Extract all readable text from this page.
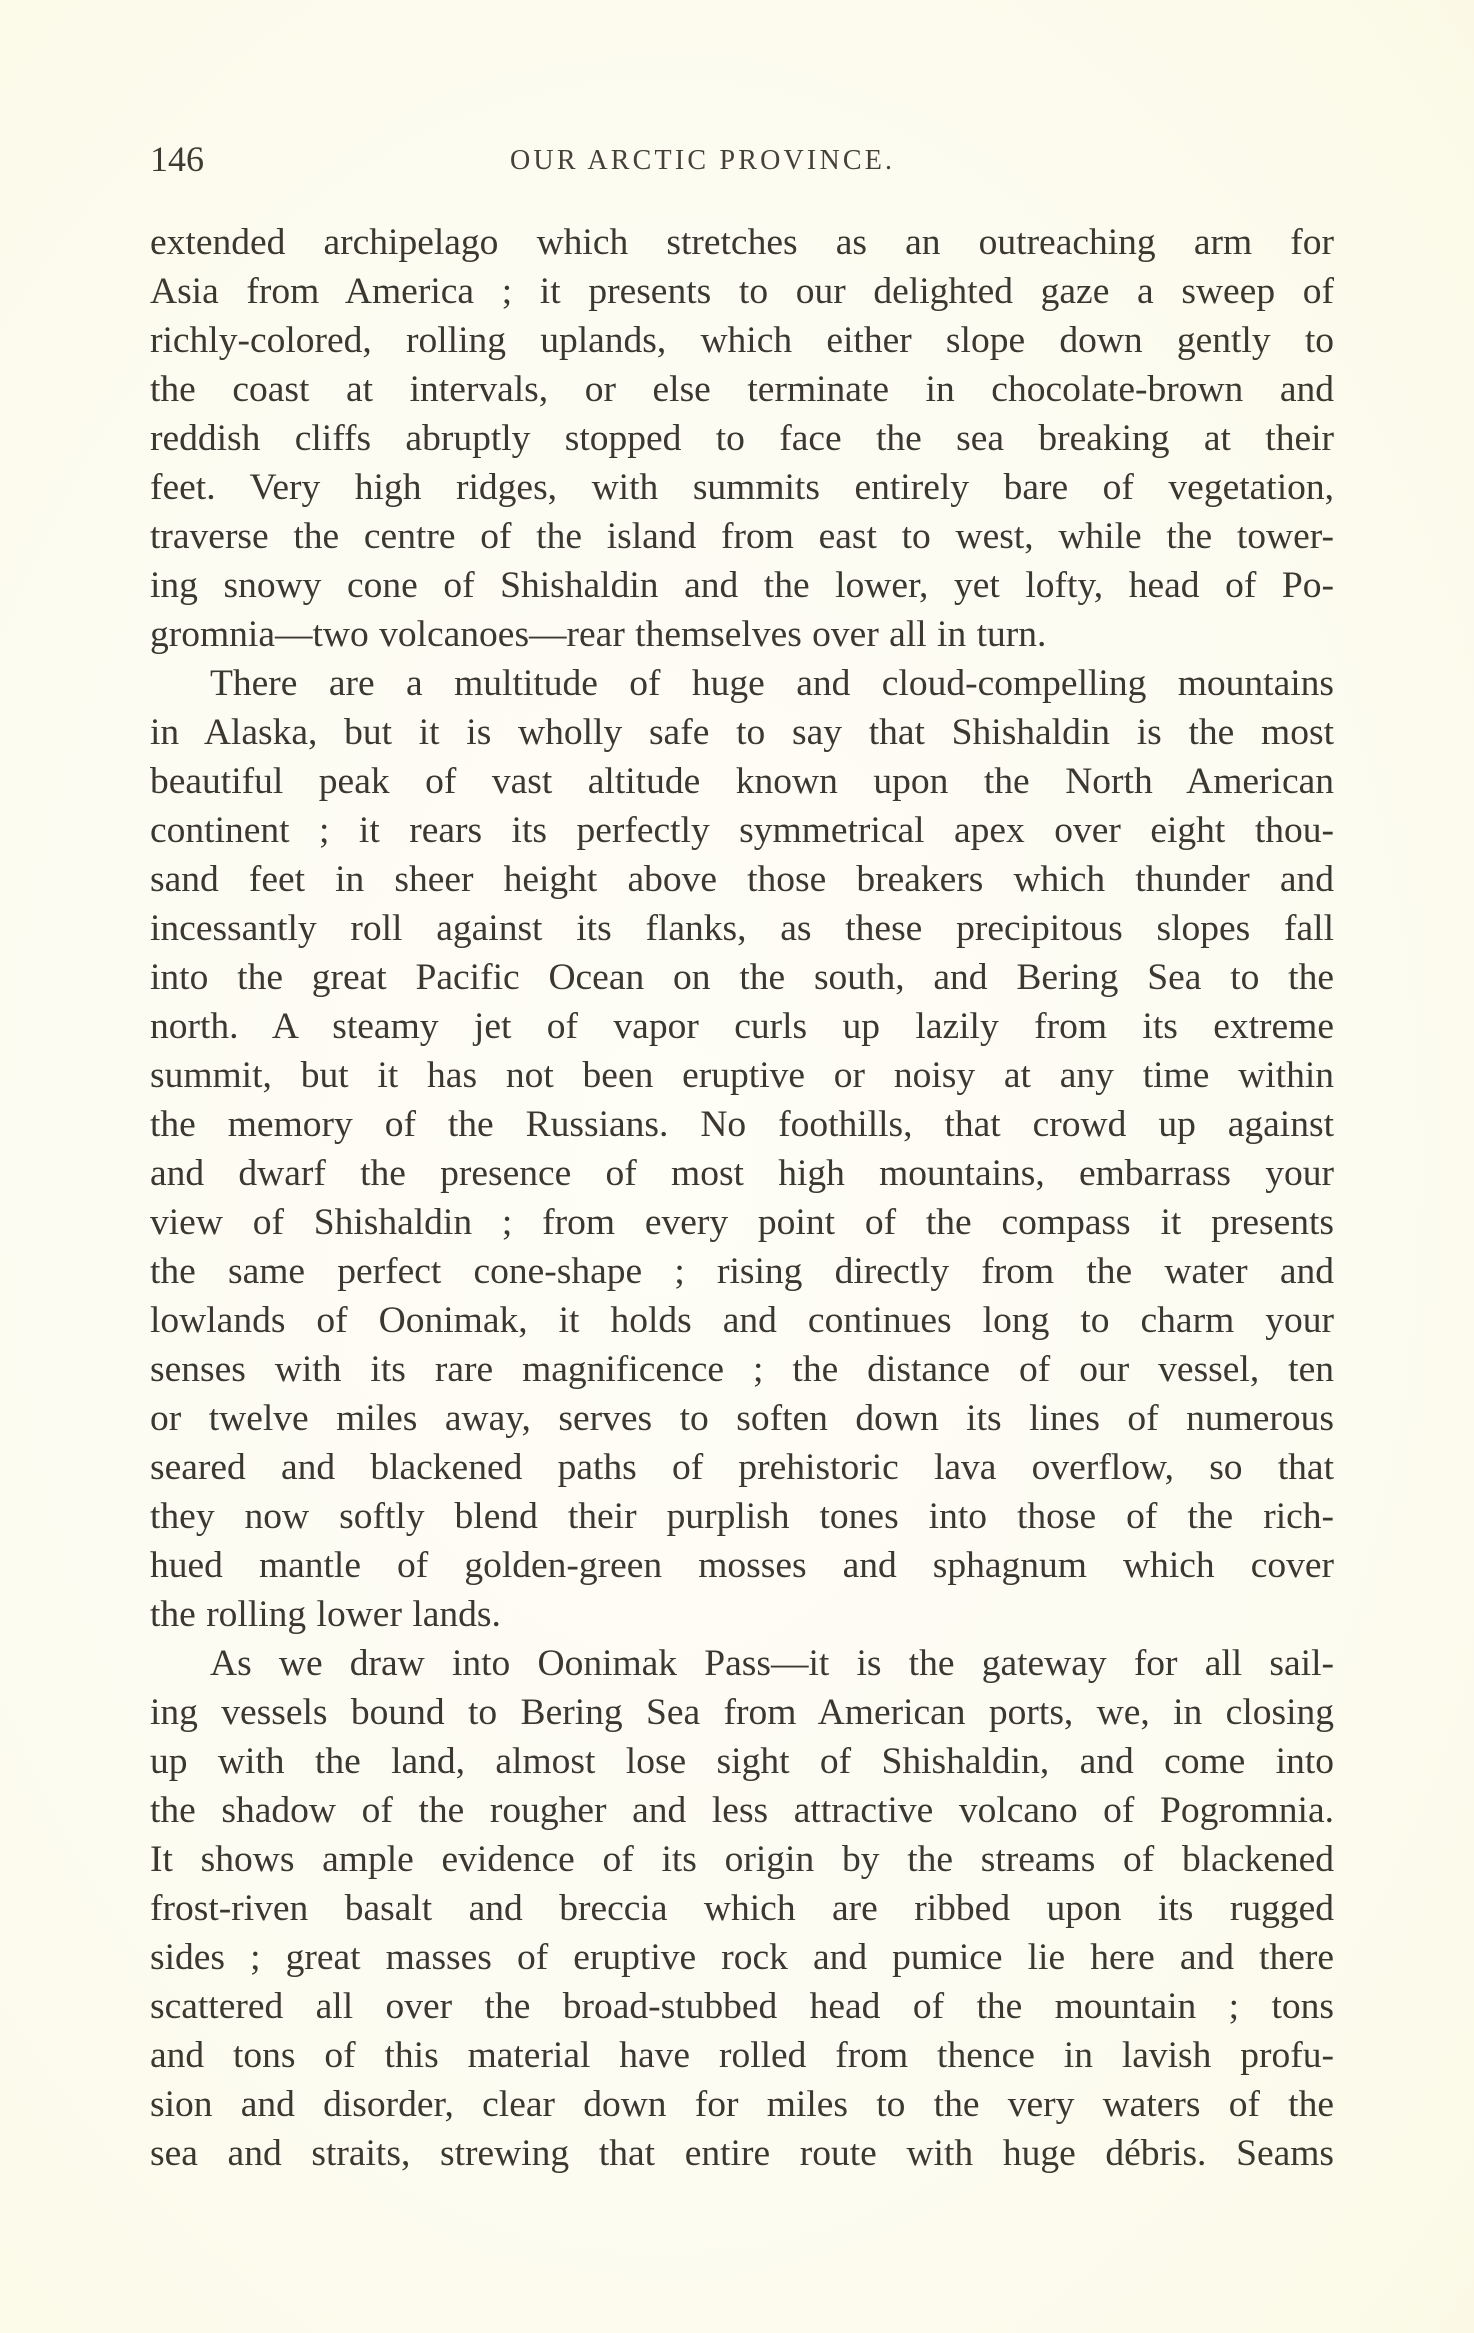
146	OUR ARCTIC PROVINCE.
extended archipelago which stretches as an outreaching arm for
Asia from America ; it presents to our delighted gaze a sweep of
richly-colored, rolling uplands, which either slope down gently to
the coast at intervals, or else terminate in chocolate-brown and
reddish cliffs abruptly stopped to face the sea breaking at their
feet. Very high ridges, with summits entirely bare of vegetation,
traverse the centre of the island from east to west, while the tower-
ing snowy cone of Shishaldin and the lower, yet lofty, head of Po-
gromnia—two volcanoes—rear themselves over all in turn.
There are a multitude of huge and cloud-compelling mountains
in Alaska, but it is wholly safe to say that Shishaldin is the most
beautiful peak of vast altitude known upon the North American
continent ; it rears its perfectly symmetrical apex over eight thou-
sand feet in sheer height above those breakers which thunder and
incessantly roll against its flanks, as these precipitous slopes fall
into the great Pacific Ocean on the south, and Bering Sea to the
north. A steamy jet of vapor curls up lazily from its extreme
summit, but it has not been eruptive or noisy at any time within
the memory of the Russians. No foothills, that crowd up against
and dwarf the presence of most high mountains, embarrass your
view of Shishaldin ; from every point of the compass it presents
the same perfect cone-shape ; rising directly from the water and
lowlands of Oonimak, it holds and continues long to charm your
senses with its rare magnificence ; the distance of our vessel, ten
or twelve miles away, serves to soften down its lines of numerous
seared and blackened paths of prehistoric lava overflow, so that
they now softly blend their purplish tones into those of the rich-
hued mantle of golden-green mosses and sphagnum which cover
the rolling lower lands.
As we draw into Oonimak Pass—it is the gateway for all sail-
ing vessels bound to Bering Sea from American ports, we, in closing
up with the land, almost lose sight of Shishaldin, and come into
the shadow of the rougher and less attractive volcano of Pogromnia.
It shows ample evidence of its origin by the streams of blackened
frost-riven basalt and breccia which are ribbed upon its rugged
sides ; great masses of eruptive rock and pumice lie here and there
scattered all over the broad-stubbed head of the mountain ; tons
and tons of this material have rolled from thence in lavish profu-
sion and disorder, clear down for miles to the very waters of the
sea and straits, strewing that entire route with huge débris. Seams
